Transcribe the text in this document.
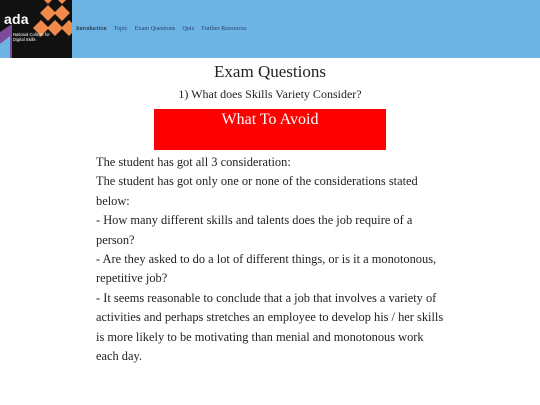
ada
National College for Digital Skills
Introduction Topic Exam Questions Quiz Further Resources
Exam Questions
1) What does Skills Variety Consider?
What To Avoid

The student has got all 3 consideration:

The student has got only one or none of the considerations stated below:

- How many different skills and talents does the job require of a person?

- Are they asked to do a lot of different things, or is it a monotonous, repetitive job?

- It seems reasonable to conclude that a job that involves a variety of activities and perhaps stretches an employee to develop his / her skills is more likely to be motivating than menial and monotonous work each day.
